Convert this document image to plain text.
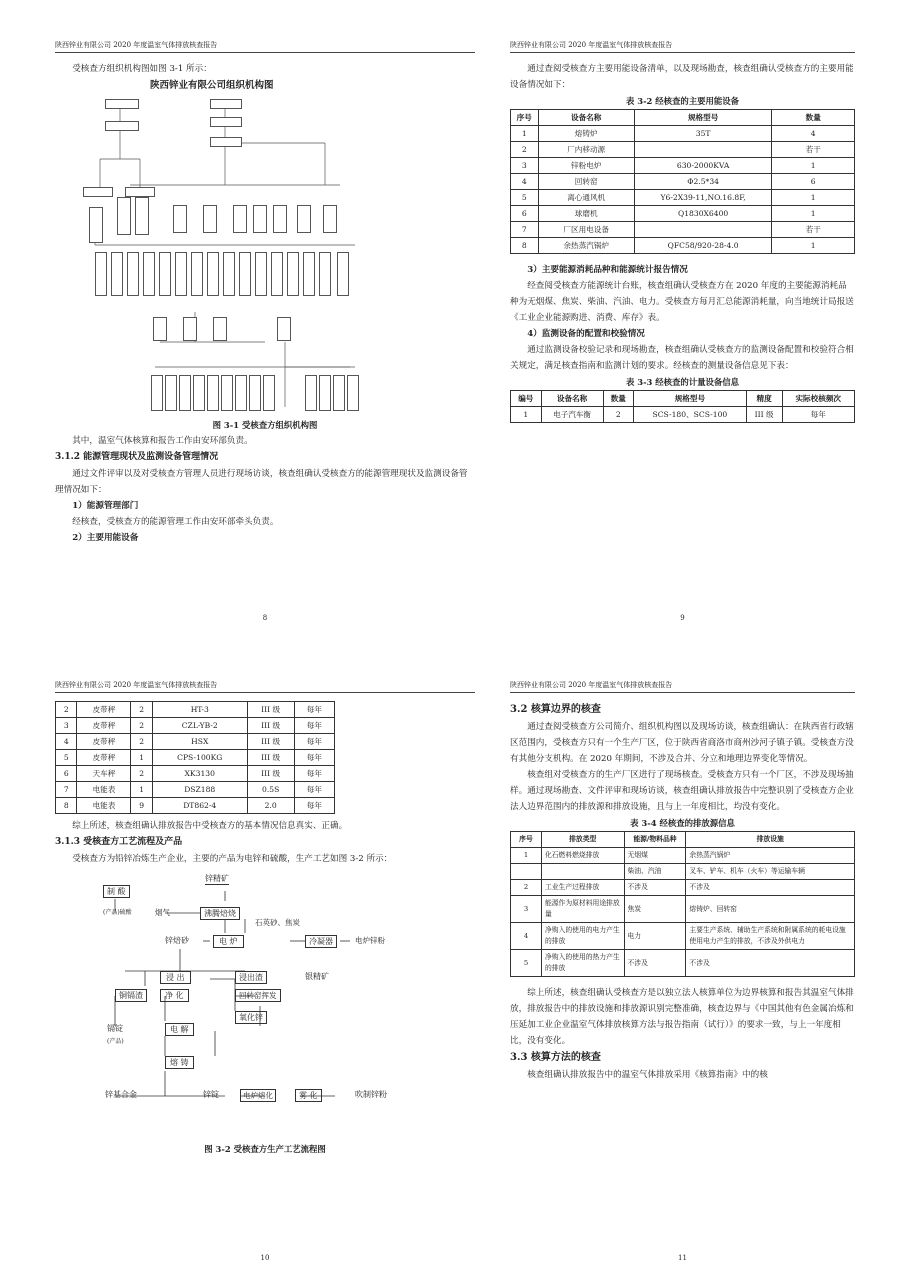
陕西锌业有限公司 2020 年度温室气体排放核查报告

受核查方组织机构图如图 3-1 所示：

陕西锌业有限公司组织机构图

图 3-1 受核查方组织机构图

其中，温室气体核算和报告工作由安环部负责。

3.1.2 能源管理现状及监测设备管理情况

通过文件评审以及对受核查方管理人员进行现场访谈，核查组确认受核查方的能源管理现状及监测设备管理情况如下：

1）能源管理部门

经核查，受核查方的能源管理工作由安环部牵头负责。

2）主要用能设备

8
陕西锌业有限公司 2020 年度温室气体排放核查报告

通过查阅受核查方主要用能设备清单，以及现场勘查，核查组确认受核查方的主要用能设备情况如下：

表 3-2 经核查的主要用能设备

序号	设备名称	规格型号	数量
1	熔铸炉	35T	4
2	厂内移动源		若干
3	锌粉电炉	630-2000KVA	1
4	回转窑	Φ2.5*34	6
5	离心通风机	Y6-2X39-11,NO.16.8F,	1
6	球磨机	Q1830X6400	1
7	厂区用电设备		若干
8	余热蒸汽锅炉	QFC58/920-28-4.0	1

3）主要能源消耗品种和能源统计报告情况

经查阅受核查方能源统计台账，核查组确认受核查方在 2020 年度的主要能源消耗品种为无烟煤、焦炭、柴油、汽油、电力。受核查方每月汇总能源消耗量，向当地统计局报送《工业企业能源购进、消费、库存》表。

4）监测设备的配置和校验情况

通过监测设备校验记录和现场勘查，核查组确认受核查方的监测设备配置和校验符合相关规定，满足核查指南和监测计划的要求。经核查的测量设备信息见下表：

表 3-3 经核查的计量设备信息

编号	设备名称	数量	规格型号	精度	实际校核频次
1	电子汽车衡	2	SCS-180、SCS-100	III 级	每年
9
陕西锌业有限公司 2020 年度温室气体排放核查报告
2	皮带秤	2	HT-3	III 级	每年
3	皮带秤	2	CZL-YB-2	III 级	每年
4	皮带秤	2	HSX	III 级	每年
5	皮带秤	1	CPS-100KG	III 级	每年
6	天车秤	2	XK3130	III 级	每年
7	电能表	1	DSZ188	0.5S	每年
8	电能表	9	DT862-4	2.0	每年

综上所述，核查组确认排放报告中受核查方的基本情况信息真实、正确。

3.1.3 受核查方工艺流程及产品

受核查方为铅锌冶炼生产企业，主要的产品为电锌和硫酸，生产工艺如图 3-2 所示：

锌精矿
制 酸
烟气	沸腾焙烧
(产品)硫酸
石英砂、焦炭
锌焙砂	电 炉	冷凝器	电炉锌粉
浸 出	浸出渣	银精矿
铜镉渣	净 化	回转窑挥发
镉锭	电 解
氧化锌
熔 铸
(产品)
锌基合金	锌锭	电炉熔化	雾 化	吹制锌粉

图 3-2 受核查方生产工艺流程图

10
陕西锌业有限公司 2020 年度温室气体排放核查报告

3.2 核算边界的核查

通过查阅受核查方公司简介、组织机构图以及现场访谈，核查组确认：在陕西省行政辖区范围内，受核查方只有一个生产厂区，位于陕西省商洛市商州沙河子镇子镇。受核查方没有其他分支机构。在 2020 年期间，不涉及合并、分立和地理边界变化等情况。

核查组对受核查方的生产厂区进行了现场核查。受核查方只有一个厂区，不涉及现场抽样。通过现场勘查、文件评审和现场访谈，核查组确认排放报告中完整识别了受核查方企业法人边界范围内的排放源和排放设施，且与上一年度相比，均没有变化。

表 3-4 经核查的排放源信息

序号	排放类型	能源/物料品种	排放设施
1	化石燃料燃烧排放	无烟煤	余热蒸汽锅炉
		柴油、汽油	叉车、铲车、机车（火车）等运输车辆
2	工业生产过程排放	不涉及	不涉及
3	能源作为原材料用途排放量	焦炭	熔铸炉、回转窑
4	净购入的使用的电力产生的排放	电力	主要生产系统、辅助生产系统和附属系统的耗电设施使用电力产生的排放，不涉及外供电力
5	净购入的使用的热力产生的排放	不涉及	不涉及

综上所述，核查组确认受核查方是以独立法人核算单位为边界核算和报告其温室气体排放，排放报告中的排放设施和排放源识别完整准确，核查边界与《中国其他有色金属冶炼和压延加工业企业温室气体排放核算方法与报告指南（试行）》的要求一致，与上一年度相比，没有变化。

3.3 核算方法的核查

核查组确认排放报告中的温室气体排放采用《核算指南》中的核

11
